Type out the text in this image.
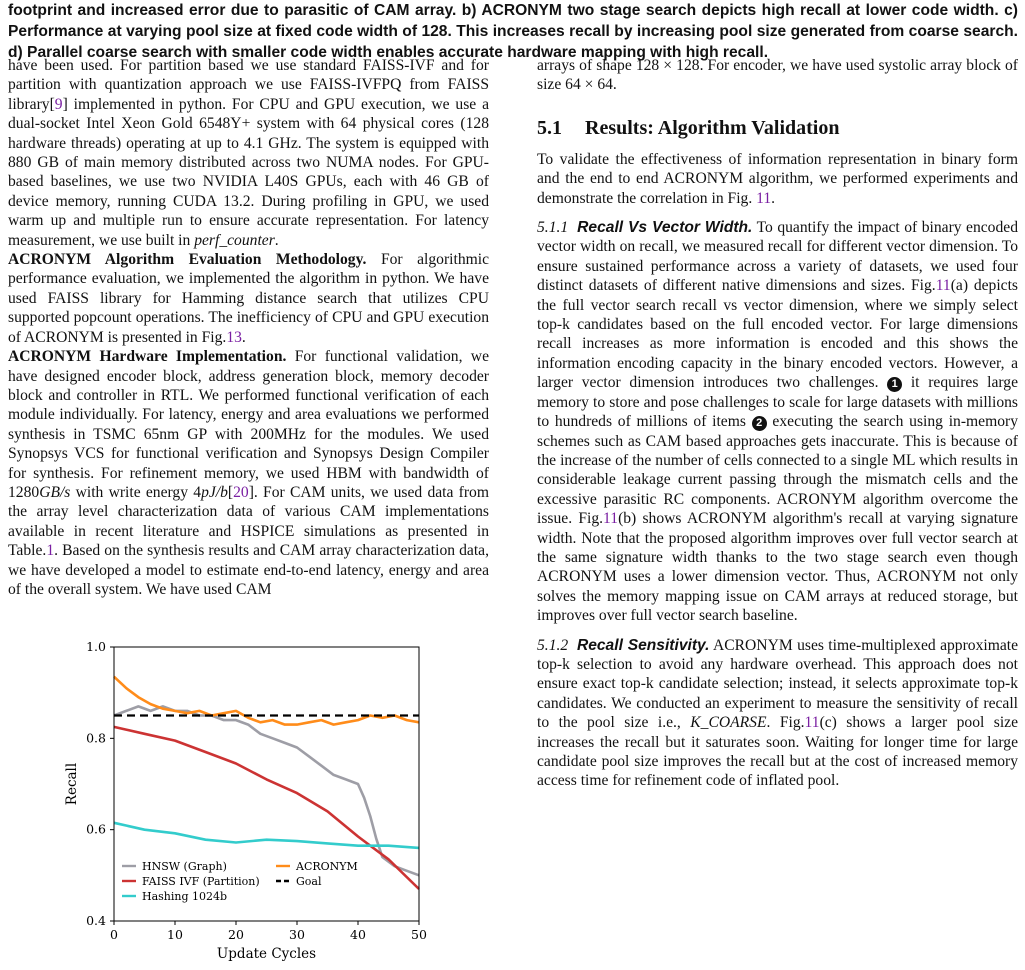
footprint and increased error due to parasitic of CAM array. b) ACRONYM two stage search depicts high recall at lower code width. c) Performance at varying pool size at fixed code width of 128. This increases recall by increasing pool size generated from coarse search. d) Parallel coarse search with smaller code width enables accurate hardware mapping with high recall.

have been used. For partition based we use standard FAISS-IVF and for partition with quantization approach we use FAISS-IVFPQ from FAISS library[9] implemented in python. For CPU and GPU execution, we use a dual-socket Intel Xeon Gold 6548Y+ system with 64 physical cores (128 hardware threads) operating at up to 4.1 GHz. The system is equipped with 880 GB of main memory distributed across two NUMA nodes. For GPU-based baselines, we use two NVIDIA L40S GPUs, each with 46 GB of device memory, running CUDA 13.2. During profiling in GPU, we used warm up and multiple run to ensure accurate representation. For latency measurement, we use built in perf_counter.

ACRONYM Algorithm Evaluation Methodology. For algorithmic performance evaluation, we implemented the algorithm in python. We have used FAISS library for Hamming distance search that utilizes CPU supported popcount operations. The inefficiency of CPU and GPU execution of ACRONYM is presented in Fig.13.

ACRONYM Hardware Implementation. For functional validation, we have designed encoder block, address generation block, memory decoder block and controller in RTL. We performed functional verification of each module individually. For latency, energy and area evaluations we performed synthesis in TSMC 65nm GP with 200MHz for the modules. We used Synopsys VCS for functional verification and Synopsys Design Compiler for synthesis. For refinement memory, we used HBM with bandwidth of 1280GB/s with write energy 4pJ/b[20]. For CAM units, we used data from the array level characterization data of various CAM implementations available in recent literature and HSPICE simulations as presented in Table.1. Based on the synthesis results and CAM array characterization data, we have developed a model to estimate end-to-end latency, energy and area of the overall system. We have used CAM

arrays of shape 128 × 128. For encoder, we have used systolic array block of size 64 × 64.

5.1 Results: Algorithm Validation

To validate the effectiveness of information representation in binary form and the end to end ACRONYM algorithm, we performed experiments and demonstrate the correlation in Fig. 11.

5.1.1 Recall Vs Vector Width. To quantify the impact of binary encoded vector width on recall, we measured recall for different vector dimension. To ensure sustained performance across a variety of datasets, we used four distinct datasets of different native dimensions and sizes. Fig.11(a) depicts the full vector search recall vs vector dimension, where we simply select top-k candidates based on the full encoded vector. For large dimensions recall increases as more information is encoded and this shows the information encoding capacity in the binary encoded vectors. However, a larger vector dimension introduces two challenges. 1 it requires large memory to store and pose challenges to scale for large datasets with millions to hundreds of millions of items 2 executing the search using in-memory schemes such as CAM based approaches gets inaccurate. This is because of the increase of the number of cells connected to a single ML which results in considerable leakage current passing through the mismatch cells and the excessive parasitic RC components. ACRONYM algorithm overcome the issue. Fig.11(b) shows ACRONYM algorithm's recall at varying signature width. Note that the proposed algorithm improves over full vector search at the same signature width thanks to the two stage search even though ACRONYM uses a lower dimension vector. Thus, ACRONYM not only solves the memory mapping issue on CAM arrays at reduced storage, but improves over full vector search baseline.

5.1.2 Recall Sensitivity. ACRONYM uses time-multiplexed approximate top-k selection to avoid any hardware overhead. This approach does not ensure exact top-k candidate selection; instead, it selects approximate top-k candidates. We conducted an experiment to measure the sensitivity of recall to the pool size i.e., K_COARSE. Fig.11(c) shows a larger pool size increases the recall but it saturates soon. Waiting for longer time for large candidate pool size improves the recall but at the cost of increased memory access time for refinement code of inflated pool.

0	10	20	30	40	50
0.4
0.6
0.8
1.0
Update Cycles
Recall
HNSW (Graph)
FAISS IVF (Partition)
Hashing 1024b
ACRONYM
Goal
